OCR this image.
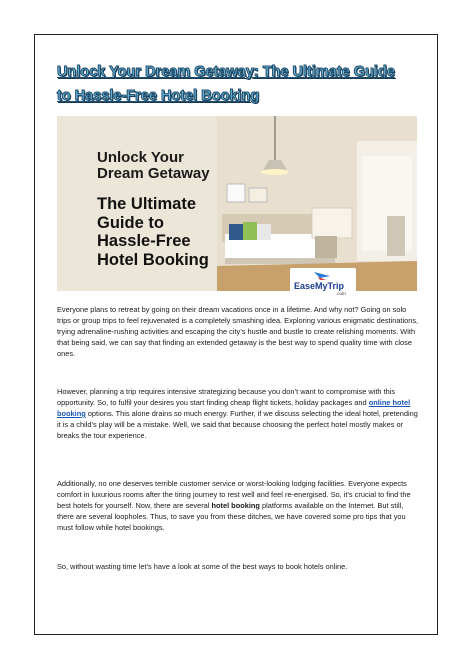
Unlock Your Dream Getaway: The Ultimate Guide
to Hassle-Free Hotel Booking
Unlock Your
Dream Getaway
The Ultimate
Guide to
Hassle-Free
Hotel Booking
EaseMyTrip
.com

Everyone plans to retreat by going on their dream vacations once in a lifetime. And why not? Going on solo trips or group trips to feel rejuvenated is a completely smashing idea. Exploring various enigmatic destinations, trying adrenaline-rushing activities and escaping the city’s hustle and bustle to create relishing moments. With that being said, we can say that finding an extended getaway is the best way to spend quality time with close ones.

However, planning a trip requires intensive strategizing because you don’t want to compromise with this opportunity. So, to fulfil your desires you start finding cheap flight tickets, holiday packages and online hotel booking options. This alone drains so much energy. Further, if we discuss selecting the ideal hotel, pretending it is a child’s play will be a mistake. Well, we said that because choosing the perfect hotel mostly makes or breaks the tour experience.

Additionally, no one deserves terrible customer service or worst-looking lodging facilities. Everyone expects comfort in luxurious rooms after the tiring journey to rest well and feel re-energised. So, it’s crucial to find the best hotels for yourself. Now, there are several hotel booking platforms available on the Internet. But still, there are several loopholes. Thus, to save you from these ditches, we have covered some pro tips that you must follow while hotel bookings.

So, without wasting time let’s have a look at some of the best ways to book hotels online.
